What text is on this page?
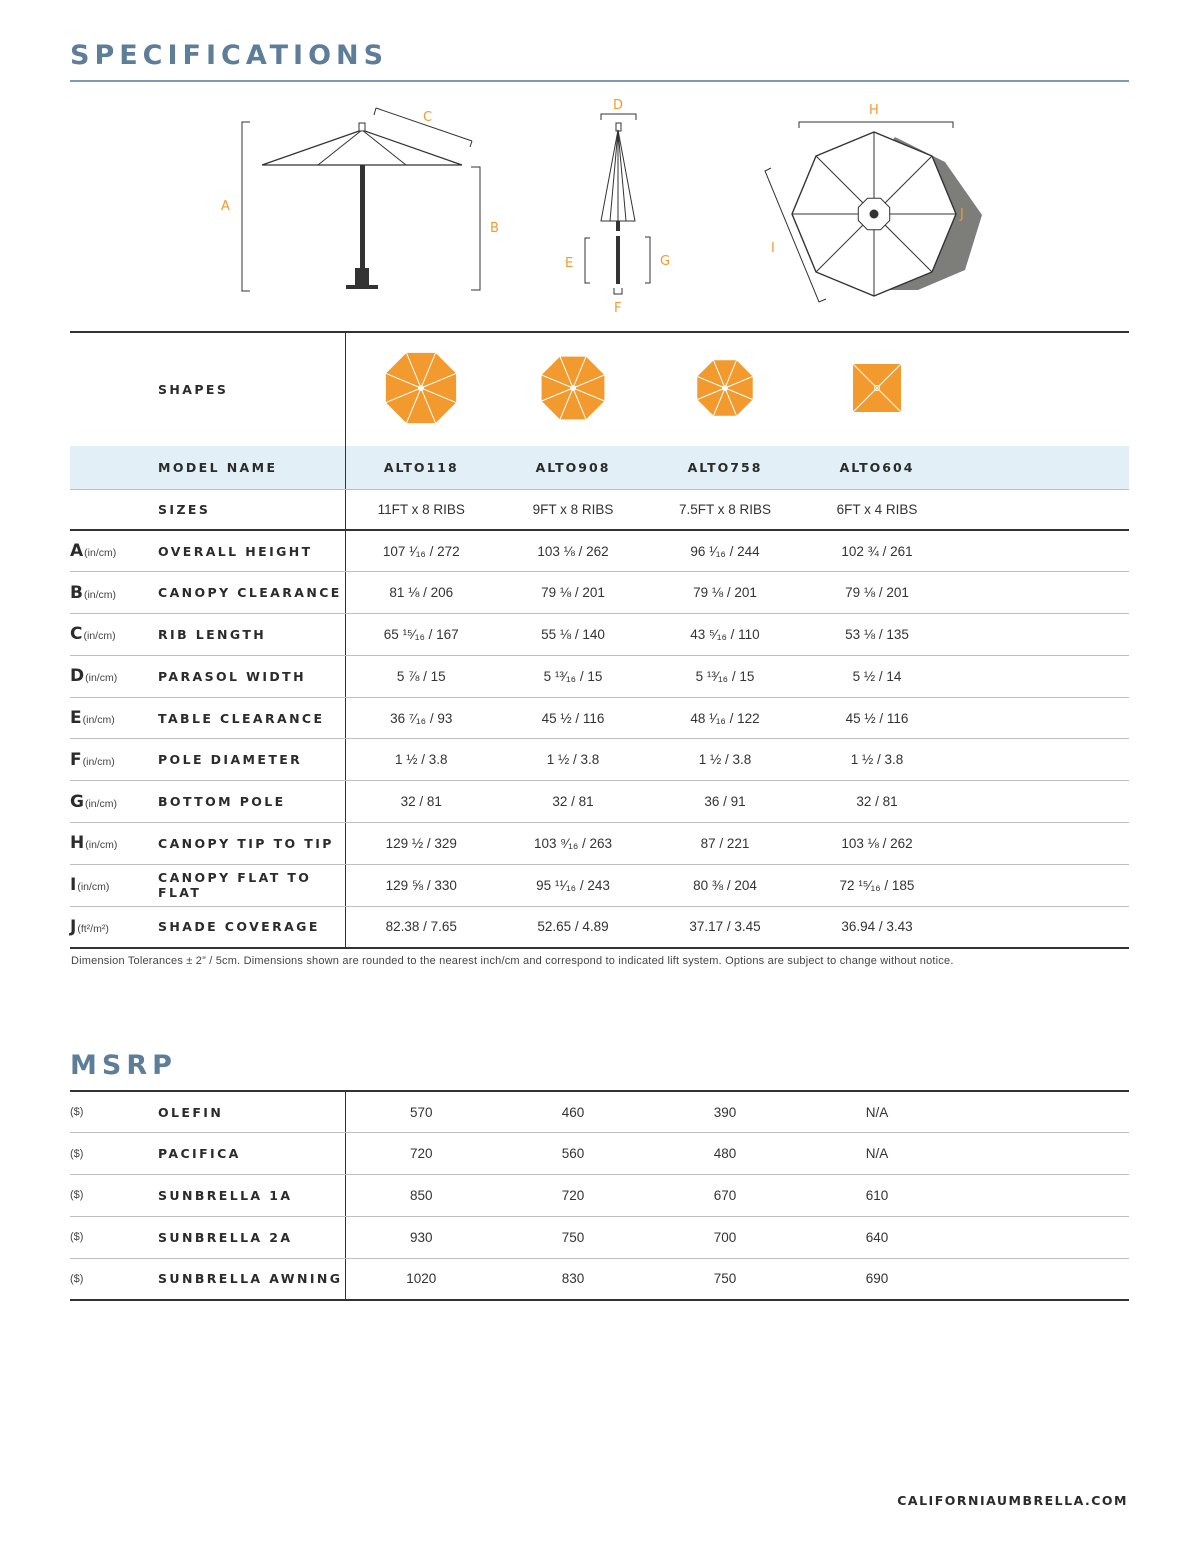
SPECIFICATIONS
A
B
C
D
E
F
G
H
I
J
	SHAPES					
	MODEL NAME	ALTO118	ALTO908	ALTO758	ALTO604	
	SIZES	11FT x 8 RIBS	9FT x 8 RIBS	7.5FT x 8 RIBS	6FT x 4 RIBS	
A(in/cm)	OVERALL HEIGHT	107 ¹⁄₁₆ / 272	103 ⅛ / 262	96 ¹⁄₁₆ / 244	102 ¾ / 261	
B(in/cm)	CANOPY CLEARANCE	81 ⅛ / 206	79 ⅛ / 201	79 ⅛ / 201	79 ⅛ / 201	
C(in/cm)	RIB LENGTH	65 ¹⁵⁄₁₆ / 167	55 ⅛ / 140	43 ⁵⁄₁₆ / 110	53 ⅛ / 135	
D(in/cm)	PARASOL WIDTH	5 ⅞ / 15	5 ¹³⁄₁₆ / 15	5 ¹³⁄₁₆ / 15	5 ½ / 14	
E(in/cm)	TABLE CLEARANCE	36 ⁷⁄₁₆ / 93	45 ½ / 116	48 ¹⁄₁₆ / 122	45 ½ / 116	
F(in/cm)	POLE DIAMETER	1 ½ / 3.8	1 ½ / 3.8	1 ½ / 3.8	1 ½ / 3.8	
G(in/cm)	BOTTOM POLE	32 / 81	32 / 81	36 / 91	32 / 81	
H(in/cm)	CANOPY TIP TO TIP	129 ½ / 329	103 ⁹⁄₁₆ / 263	87 / 221	103 ⅛ / 262	
I(in/cm)	CANOPY FLAT TO FLAT	129 ⅝ / 330	95 ¹¹⁄₁₆ / 243	80 ⅜ / 204	72 ¹⁵⁄₁₆ / 185	
J(ft²/m²)	SHADE COVERAGE	82.38 / 7.65	52.65 / 4.89	37.17 / 3.45	36.94 / 3.43	
Dimension Tolerances ± 2” / 5cm. Dimensions shown are rounded to the nearest inch/cm and correspond to indicated lift system. Options are subject to change without notice.
MSRP
($)	OLEFIN	570	460	390	N/A	
($)	PACIFICA	720	560	480	N/A	
($)	SUNBRELLA 1A	850	720	670	610	
($)	SUNBRELLA 2A	930	750	700	640	
($)	SUNBRELLA AWNING	1020	830	750	690	
CALIFORNIAUMBRELLA.COM
